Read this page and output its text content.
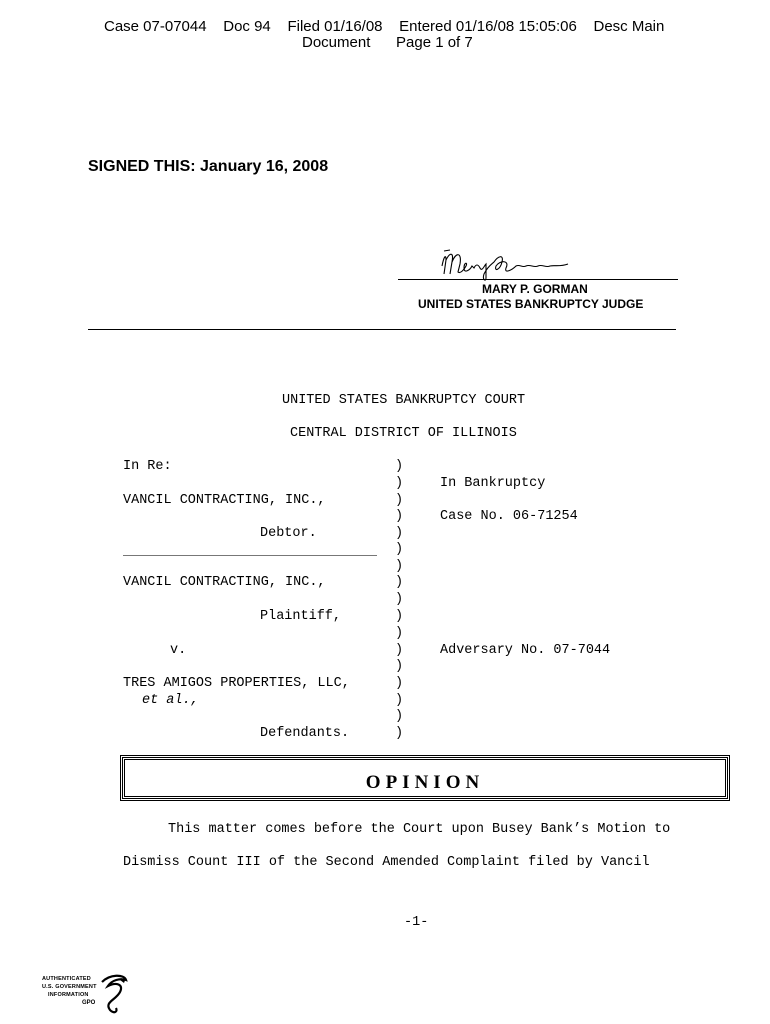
Case 07-07044    Doc 94    Filed 01/16/08    Entered 01/16/08 15:05:06    Desc Main
Document Page 1 of 7
SIGNED THIS: January 16, 2008
MARY P. GORMAN
UNITED STATES BANKRUPTCY JUDGE
UNITED STATES BANKRUPTCY COURT
CENTRAL DISTRICT OF ILLINOIS
In Re:
VANCIL CONTRACTING, INC.,
Debtor.
VANCIL CONTRACTING, INC.,
Plaintiff,
v.
TRES AMIGOS PROPERTIES, LLC,
et al.,
Defendants.
)
)
)
)
)
)
)
)
)
)
)
)
)
)
)
)
)
In Bankruptcy
Case No. 06-71254
Adversary No. 07-7044
OPINION
This matter comes before the Court upon Busey Bank’s Motion to
Dismiss Count III of the Second Amended Complaint filed by Vancil
-1-
AUTHENTICATED
U.S. GOVERNMENT
INFORMATION
GPO
